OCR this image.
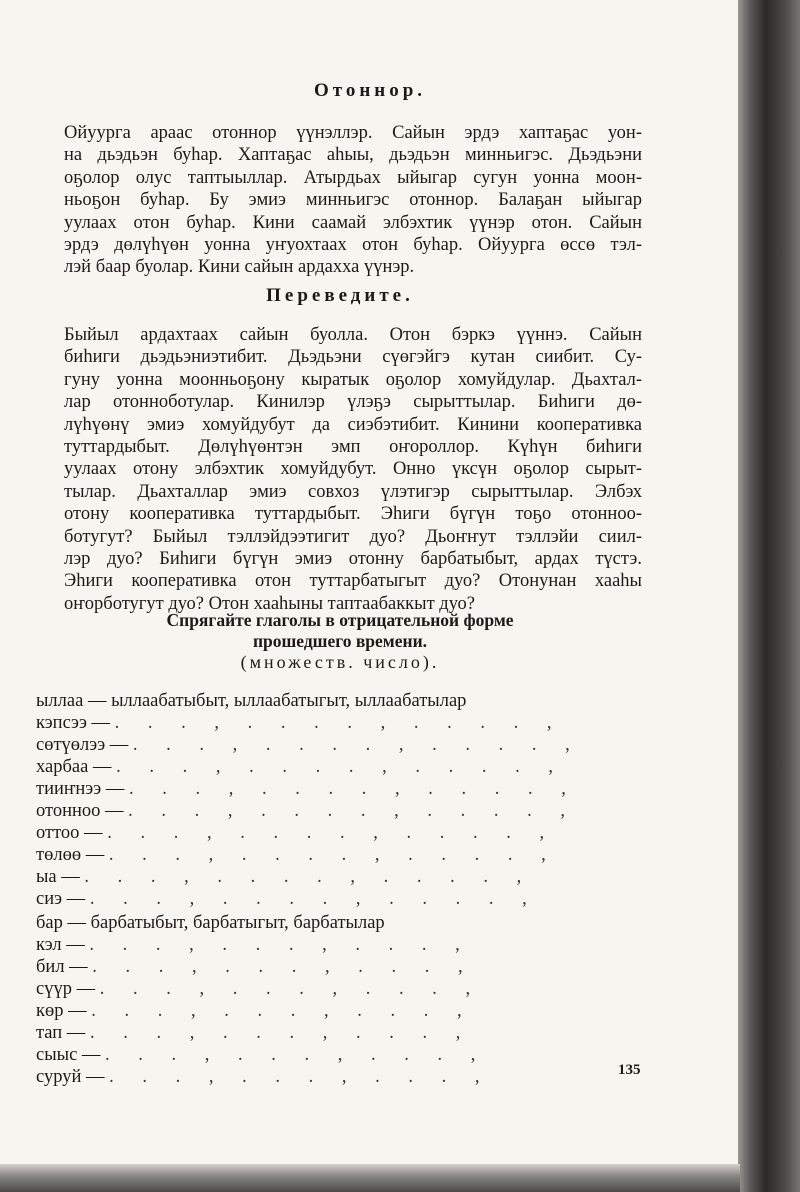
Отоннор.
Ойуурга араас отоннор үүнэллэр. Сайын эрдэ хаптаҕас уон-
на дьэдьэн буһар. Хаптаҕас аһыы, дьэдьэн минньигэс. Дьэдьэни
оҕолор олус таптыыллар. Атырдьах ыйыгар сугун уонна моон-
ньоҕон буһар. Бу эмиэ минньигэс отоннор. Балаҕан ыйыгар
уулаах отон буһар. Кини саамай элбэхтик үүнэр отон. Сайын
эрдэ дөлүһүөн уонна уҥуохтаах отон буһар. Ойуурга өссө тэл-
лэй баар буолар. Кини сайын ардахха үүнэр.
Переведите.
Быйыл ардахтаах сайын буолла. Отон бэркэ үүннэ. Сайын
биһиги дьэдьэниэтибит. Дьэдьэни сүөгэйгэ кутан сиибит. Су-
гуну уонна моонньоҕону кыратык оҕолор хомуйдулар. Дьахтал-
лар отонноботулар. Кинилэр үлэҕэ сырыттылар. Биһиги дө-
лүһүөнү эмиэ хомуйдубут да сиэбэтибит. Кинини кооперативка
туттардыбыт. Дөлүһүөнтэн эмп оҥороллор. Күһүн биһиги
уулаах отону элбэхтик хомуйдубут. Онно үксүн оҕолор сырыт-
тылар. Дьахталлар эмиэ совхоз үлэтигэр сырыттылар. Элбэх
отону кооперативка туттардыбыт. Эһиги бүгүн тоҕо отонноо-
ботугут? Быйыл тэллэйдээтигит дуо? Дьоҥҥут тэллэйи сиил-
лэр дуо? Биһиги бүгүн эмиэ отонну барбатыбыт, ардах түстэ.
Эһиги кооперативка отон туттарбатыгыт дуо? Отонунан хааһы
оҥорботугут дуо? Отон хааһыны таптаабаккыт дуо?
Спрягайте глаголы в отрицательной форме
прошедшего времени.
(множеств. число).
ыллаа — ыллаабатыбыт, ыллаабатыгыт, ыллаабатылар
кэпсээ — . . . , . . . . , . . . . ,
сөтүөлээ — . . . , . . . . , . . . . ,
харбаа — . . . , . . . . , . . . . ,
тииҥнээ — . . . , . . . . , . . . . ,
отонноо — . . . , . . . . , . . . . ,
оттоо — . . . , . . . . , . . . . ,
төлөө — . . . , . . . . , . . . . ,
ыа — . . . , . . . . , . . . . ,
сиэ — . . . , . . . . , . . . . ,
бар — барбатыбыт, барбатыгыт, барбатылар
кэл — . . . , . . . , . . . ,
бил — . . . , . . . , . . . ,
сүүр — . . . , . . . , . . . ,
көр — . . . , . . . , . . . ,
тап — . . . , . . . , . . . ,
сыыс — . . . , . . . , . . . ,
суруй — . . . , . . . , . . . ,	135
